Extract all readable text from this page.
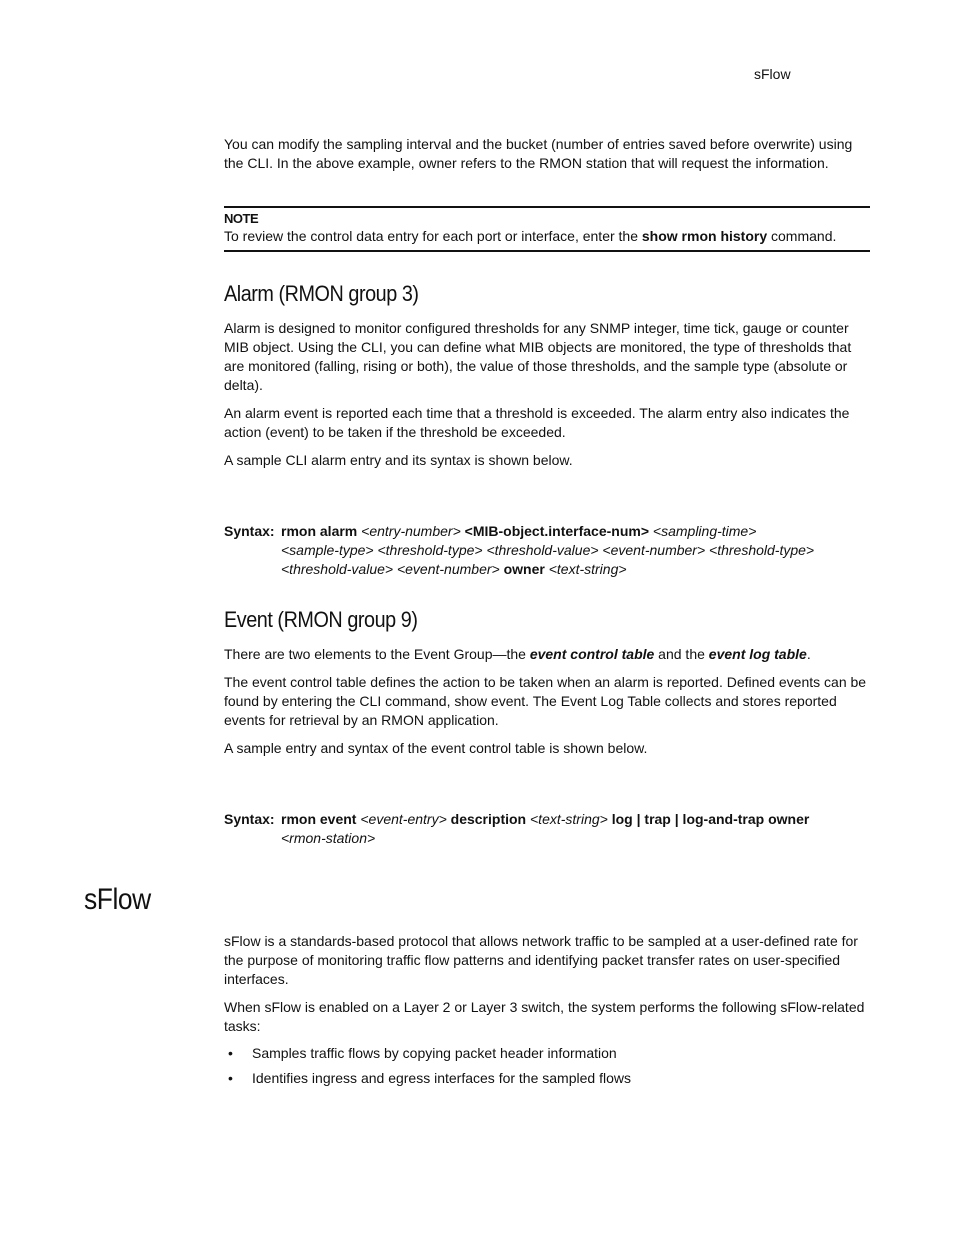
sFlow

You can modify the sampling interval and the bucket (number of entries saved before overwrite) using the CLI. In the above example, owner refers to the RMON station that will request the information.

NOTE
To review the control data entry for each port or interface, enter the show rmon history command.
Alarm (RMON group 3)

Alarm is designed to monitor configured thresholds for any SNMP integer, time tick, gauge or counter MIB object. Using the CLI, you can define what MIB objects are monitored, the type of thresholds that are monitored (falling, rising or both), the value of those thresholds, and the sample type (absolute or delta).

An alarm event is reported each time that a threshold is exceeded. The alarm entry also indicates the action (event) to be taken if the threshold be exceeded.

A sample CLI alarm entry and its syntax is shown below.

Syntax: rmon alarm <entry-number> <MIB-object.interface-num> <sampling-time>
<sample-type> <threshold-type> <threshold-value> <event-number> <threshold-type>
<threshold-value> <event-number> owner <text-string>
Event (RMON group 9)

There are two elements to the Event Group—the event control table and the event log table.

The event control table defines the action to be taken when an alarm is reported. Defined events can be found by entering the CLI command, show event. The Event Log Table collects and stores reported events for retrieval by an RMON application.

A sample entry and syntax of the event control table is shown below.

Syntax: rmon event <event-entry> description <text-string> log | trap | log-and-trap owner
<rmon-station>
sFlow

sFlow is a standards-based protocol that allows network traffic to be sampled at a user-defined rate for the purpose of monitoring traffic flow patterns and identifying packet transfer rates on user-specified interfaces.

When sFlow is enabled on a Layer 2 or Layer 3 switch, the system performs the following sFlow-related tasks:

• Samples traffic flows by copying packet header information
• Identifies ingress and egress interfaces for the sampled flows
